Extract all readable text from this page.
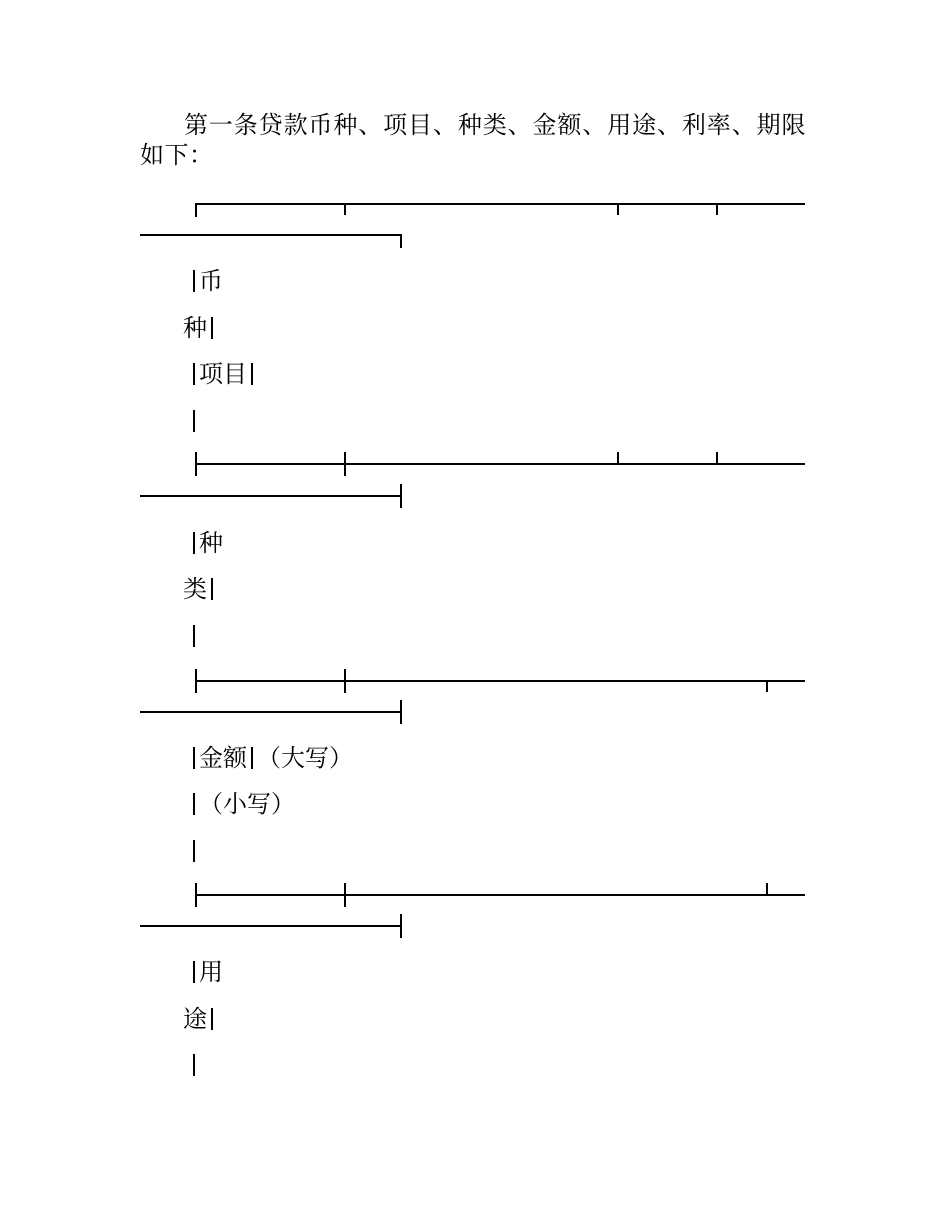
第一条贷款币种、项目、种类、金额、用途、利率、期限如下：

币
种
项目
种
类
金额 （大写）
（小写）
用
途
